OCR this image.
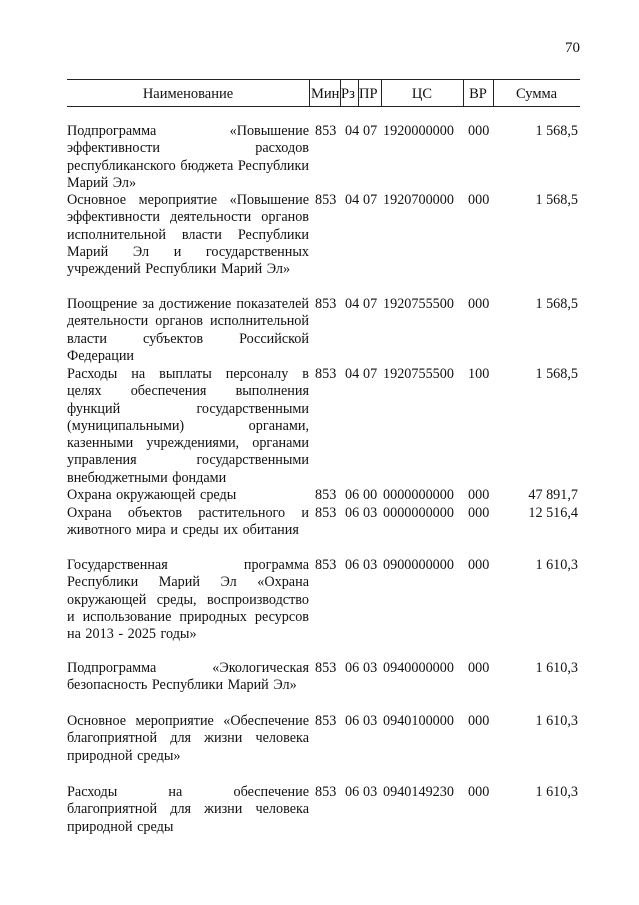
70
Наименование	Мин Рз ПР	ЦС	ВР	Сумма
Подпрограмма «Повышение эффективности расходов республиканского бюджета Республики Марий Эл»
853 04 07 1920000000 000	1 568,5
Основное мероприятие «Повышение эффективности деятельности органов исполнительной власти Республики Марий Эл и государственных учреждений Республики Марий Эл»
853 04 07 1920700000 000	1 568,5
Поощрение за достижение показателей деятельности органов исполнительной власти субъектов Российской Федерации
853 04 07 1920755500 000	1 568,5
Расходы на выплаты персоналу в целях обеспечения выполнения функций государственными (муниципальными) органами, казенными учреждениями, органами управления государственными внебюджетными фондами
853 04 07 1920755500 100	1 568,5
Охрана окружающей среды	853 06 00 0000000000 000	47 891,7
Охрана объектов растительного и животного мира и среды их обитания
853 06 03 0000000000 000	12 516,4
Государственная программа Республики Марий Эл «Охрана окружающей среды, воспроизводство и использование природных ресурсов на 2013 - 2025 годы»
853 06 03 0900000000 000	1 610,3
Подпрограмма «Экологическая безопасность Республики Марий Эл»
853 06 03 0940000000 000	1 610,3
Основное мероприятие «Обеспечение благоприятной для жизни человека природной среды»
853 06 03 0940100000 000	1 610,3
Расходы на обеспечение благоприятной для жизни человека природной среды
853 06 03 0940149230 000	1 610,3
